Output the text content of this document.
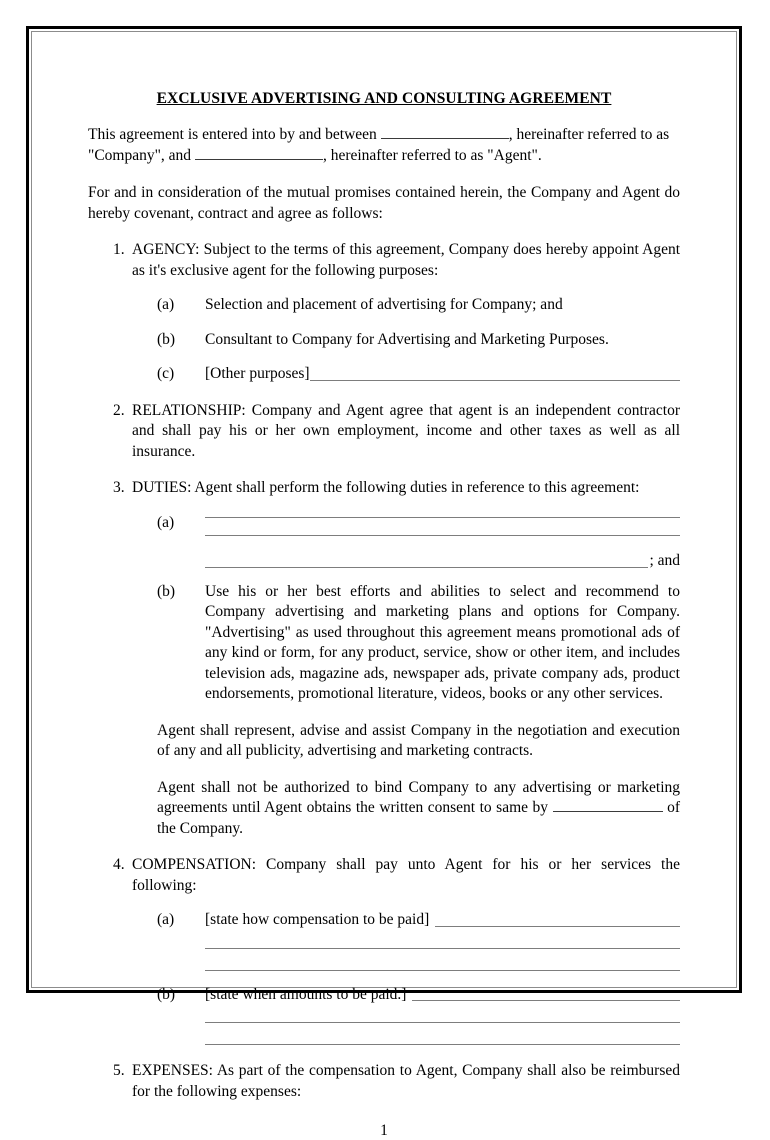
EXCLUSIVE ADVERTISING AND CONSULTING AGREEMENT

This agreement is entered into by and between	, hereinafter referred to as
"Company", and	, hereinafter referred to as "Agent".

For and in consideration of the mutual promises contained herein, the Company and Agent do hereby covenant, contract and agree as follows:

1. AGENCY: Subject to the terms of this agreement, Company does hereby appoint Agent as it's exclusive agent for the following purposes:
(a)	Selection and placement of advertising for Company; and
(b)	Consultant to Company for Advertising and Marketing Purposes.
(c)	[Other purposes]
2. RELATIONSHIP: Company and Agent agree that agent is an independent contractor and shall pay his or her own employment, income and other taxes as well as all insurance.
3. DUTIES: Agent shall perform the following duties in reference to this agreement:
(a)
; and
(b)	Use his or her best efforts and abilities to select and recommend to Company advertising and marketing plans and options for Company. "Advertising" as used throughout this agreement means promotional ads of any kind or form, for any product, service, show or other item, and includes television ads, magazine ads, newspaper ads, private company ads, product endorsements, promotional literature, videos, books or any other services.
Agent shall represent, advise and assist Company in the negotiation and execution of any and all publicity, advertising and marketing contracts.
Agent shall not be authorized to bind Company to any advertising or marketing agreements until Agent obtains the written consent to same by	of the Company.
4. COMPENSATION: Company shall pay unto Agent for his or her services the following:
(a)	[state how compensation to be paid]
(b)	[state when amounts to be paid.]
5. EXPENSES: As part of the compensation to Agent, Company shall also be reimbursed for the following expenses:
1
